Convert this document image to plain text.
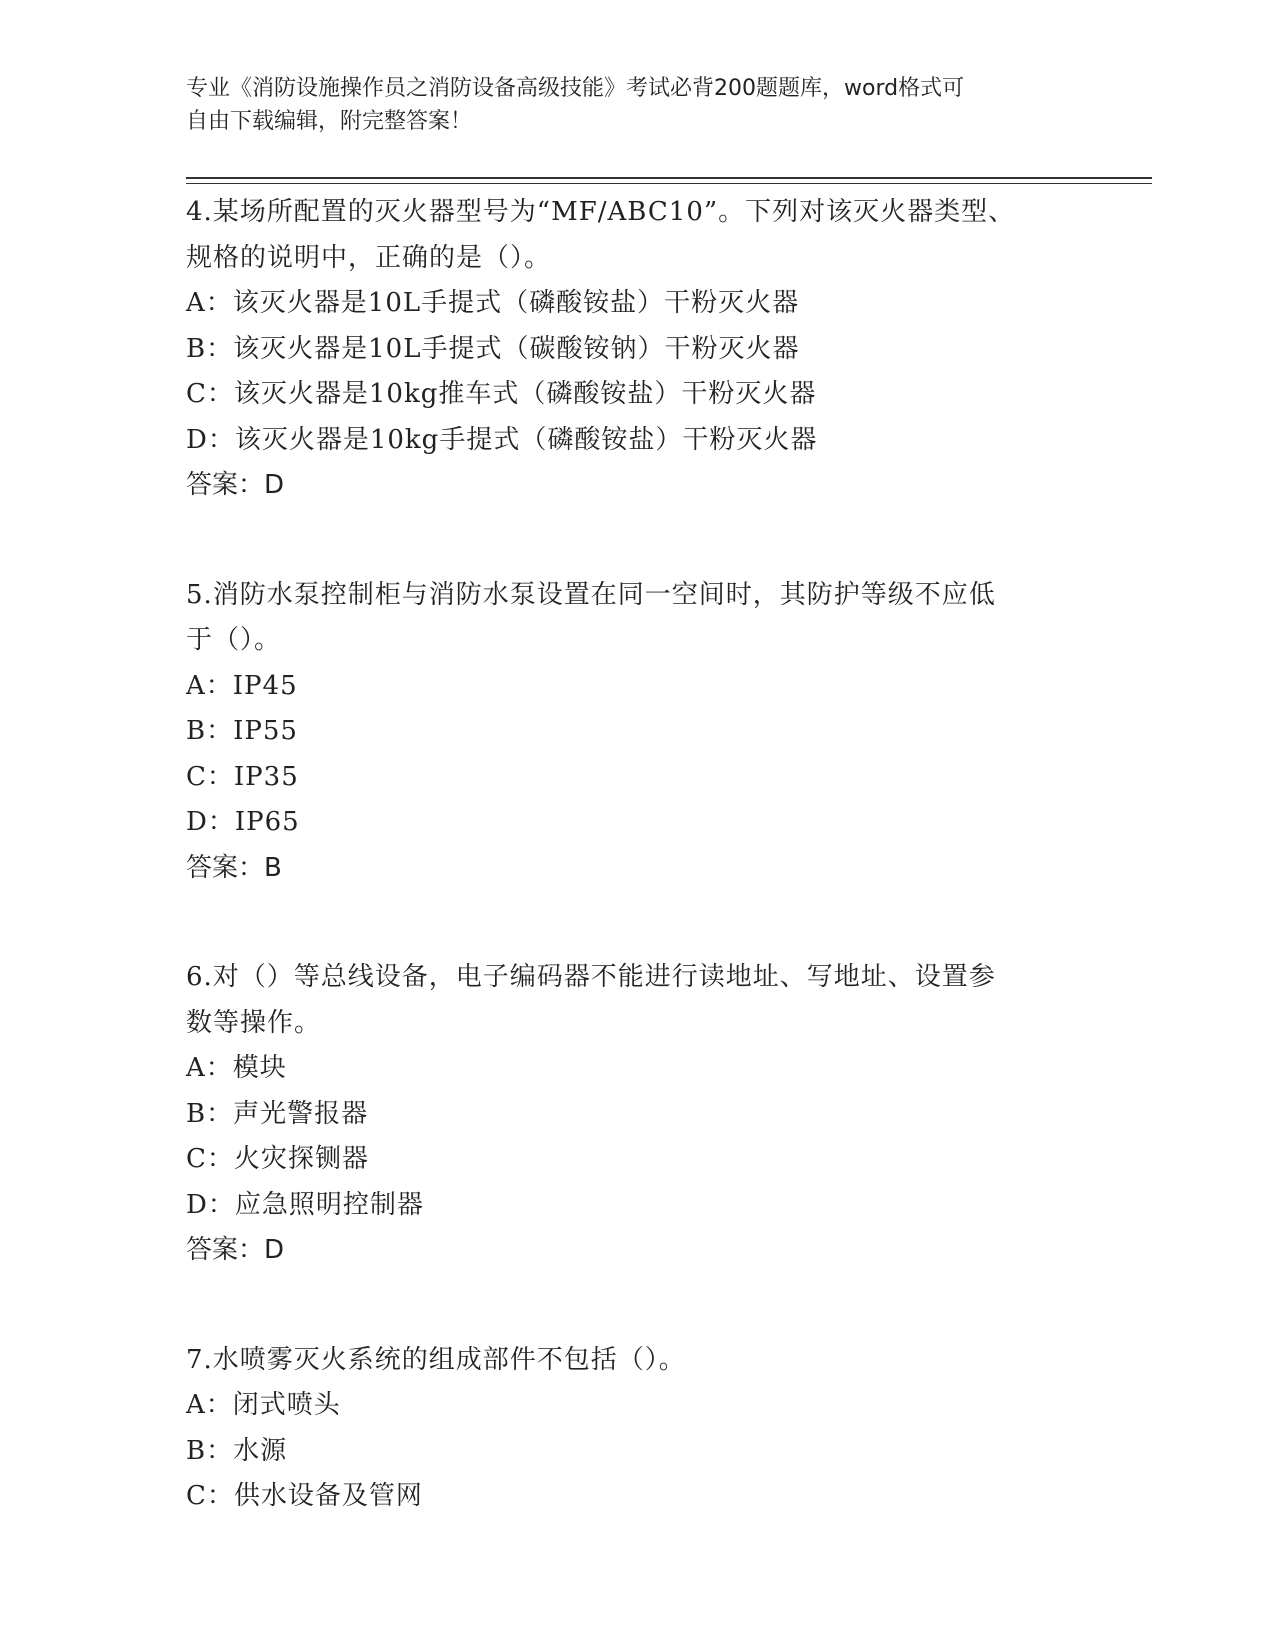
专业《消防设施操作员之消防设备高级技能》考试必背200题题库，word格式可
自由下载编辑，附完整答案！
4.某场所配置的灭火器型号为“MF/ABC10”。下列对该灭火器类型、
规格的说明中，正确的是（）。
A：该灭火器是10L手提式（磷酸铵盐）干粉灭火器
B：该灭火器是10L手提式（碳酸铵钠）干粉灭火器
C：该灭火器是10kg推车式（磷酸铵盐）干粉灭火器
D：该灭火器是10kg手提式（磷酸铵盐）干粉灭火器
答案：D
5.消防水泵控制柜与消防水泵设置在同一空间时，其防护等级不应低
于（）。
A：IP45
B：IP55
C：IP35
D：IP65
答案：B
6.对（）等总线设备，电子编码器不能进行读地址、写地址、设置参
数等操作。
A：模块
B：声光警报器
C：火灾探铡器
D：应急照明控制器
答案：D
7.水喷雾灭火系统的组成部件不包括（）。
A：闭式喷头
B：水源
C：供水设备及管网
